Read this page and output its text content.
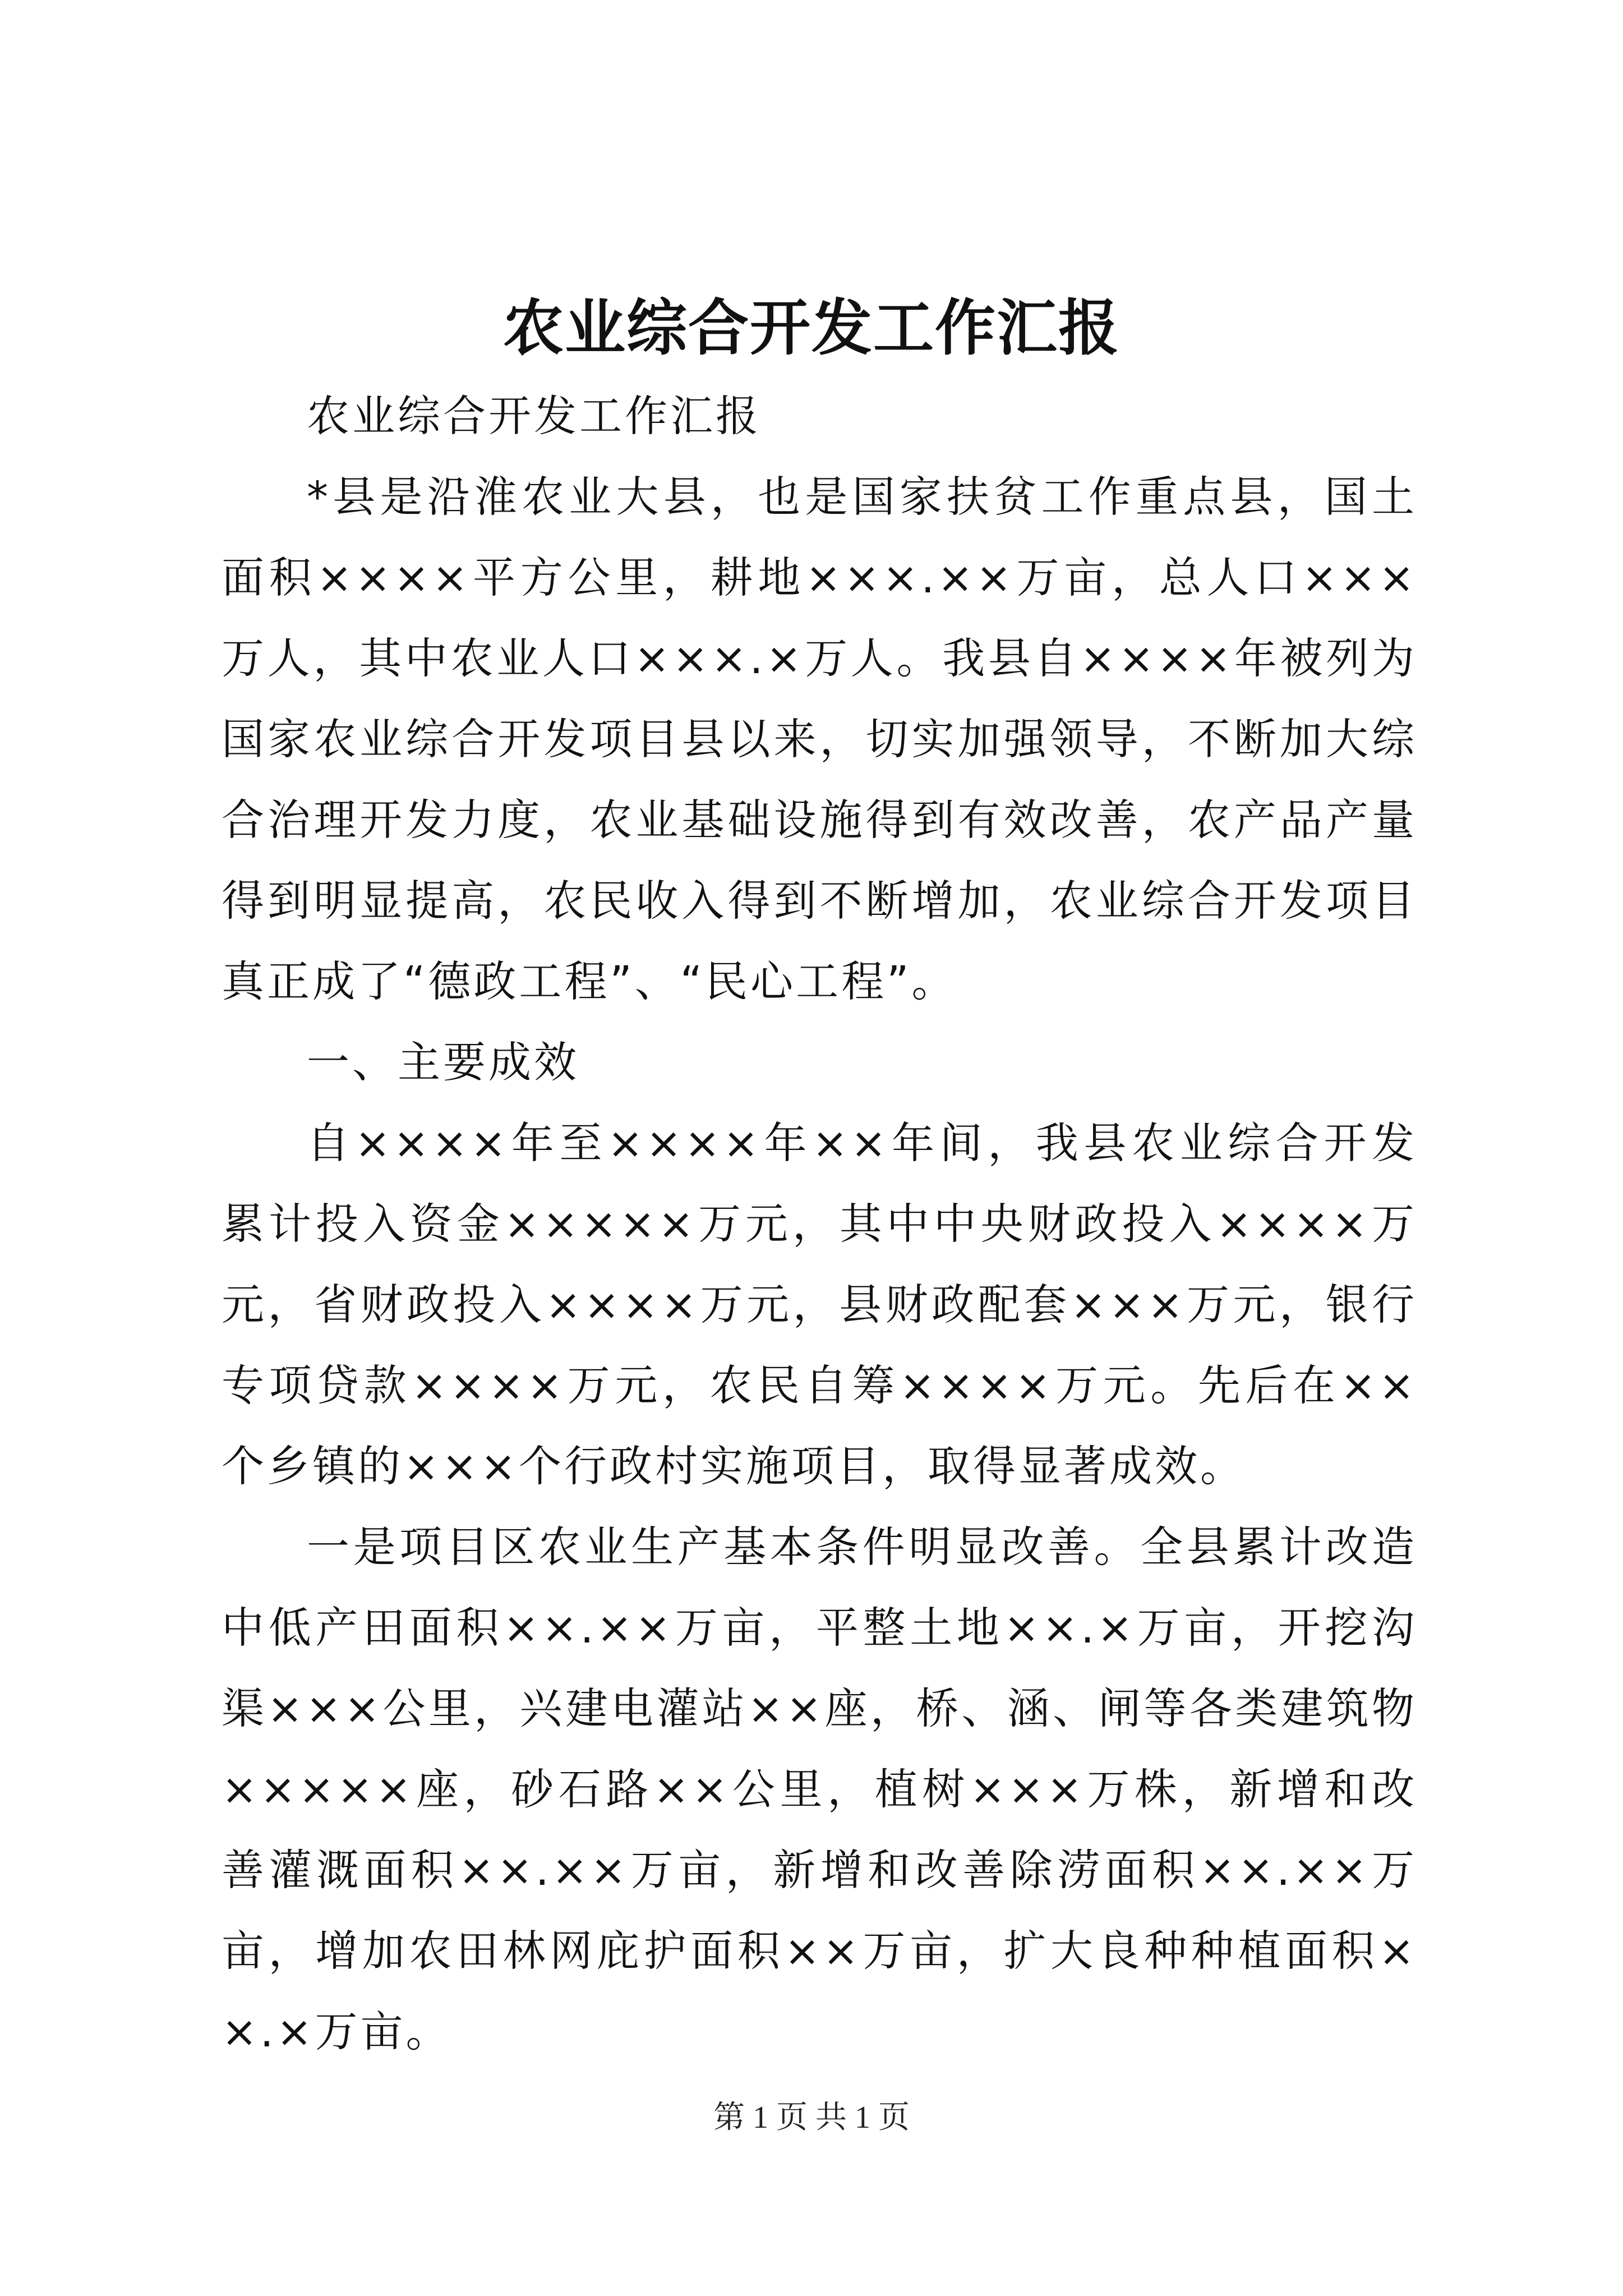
农业综合开发工作汇报

农业综合开发工作汇报

*县是沿淮农业大县，也是国家扶贫工作重点县，国土面积××××平方公里，耕地×××.××万亩，总人口×××万人，其中农业人口×××.×万人。我县自××××年被列为国家农业综合开发项目县以来，切实加强领导，不断加大综合治理开发力度，农业基础设施得到有效改善，农产品产量得到明显提高，农民收入得到不断增加，农业综合开发项目真正成了“德政工程”、“民心工程”。

一、主要成效

自××××年至××××年××年间，我县农业综合开发累计投入资金×××××万元，其中中央财政投入××××万元，省财政投入××××万元，县财政配套×××万元，银行专项贷款××××万元，农民自筹××××万元。先后在××个乡镇的×××个行政村实施项目，取得显著成效。

一是项目区农业生产基本条件明显改善。全县累计改造中低产田面积××.××万亩，平整土地××.×万亩，开挖沟渠×××公里，兴建电灌站××座，桥、涵、闸等各类建筑物×××××座，砂石路××公里，植树×××万株，新增和改善灌溉面积××.××万亩，新增和改善除涝面积××.××万亩，增加农田林网庇护面积××万亩，扩大良种种植面积××.×万亩。

第 1 页 共 1 页
